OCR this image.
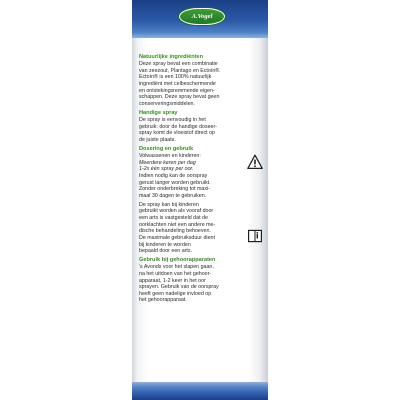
A.Vogel
Natuurlijke ingrediënten
Deze spray bevat een combinatie
van zeezout, Plantago en Ectoïn®.
Ectoïn® is een 100% natuurlijk
ingrediënt met celbeschermende
en ontstekingsremmende eigen-
schappen. Deze spray bevat geen
conserveringsmiddelen.
Handige spray
De spray is eenvoudig in het
gebruik: door de handige doseer-
spray komt de vloeistof direct op
de juiste plaats.
Dosering en gebruik
Volwassenen en kinderen:
Meerdere keren per dag
1-2x één spray per oor.
Indien nodig kan de oorspray
gerust langer worden gebruikt.
Zonder onderbreking tot maxi-
maal 30 dagen te gebruiken.
De spray kan bij kinderen
gebruikt worden als vooraf door
een arts is vastgesteld dat de
oorklachten niet een andere me-
dische behandeling behoeven.
De maximale gebruiksduur dient
bij kinderen te worden
bepaald door een arts.
Gebruik bij gehoorapparaten
's Avonds voor het slapen gaan,
na het uitdoen van het gehoor-
apparaat, 1-2 keer in het oor
sprayen. Gebruik van de oorspray
heeft geen nadelige invloed op
het gehoorapparaat.
